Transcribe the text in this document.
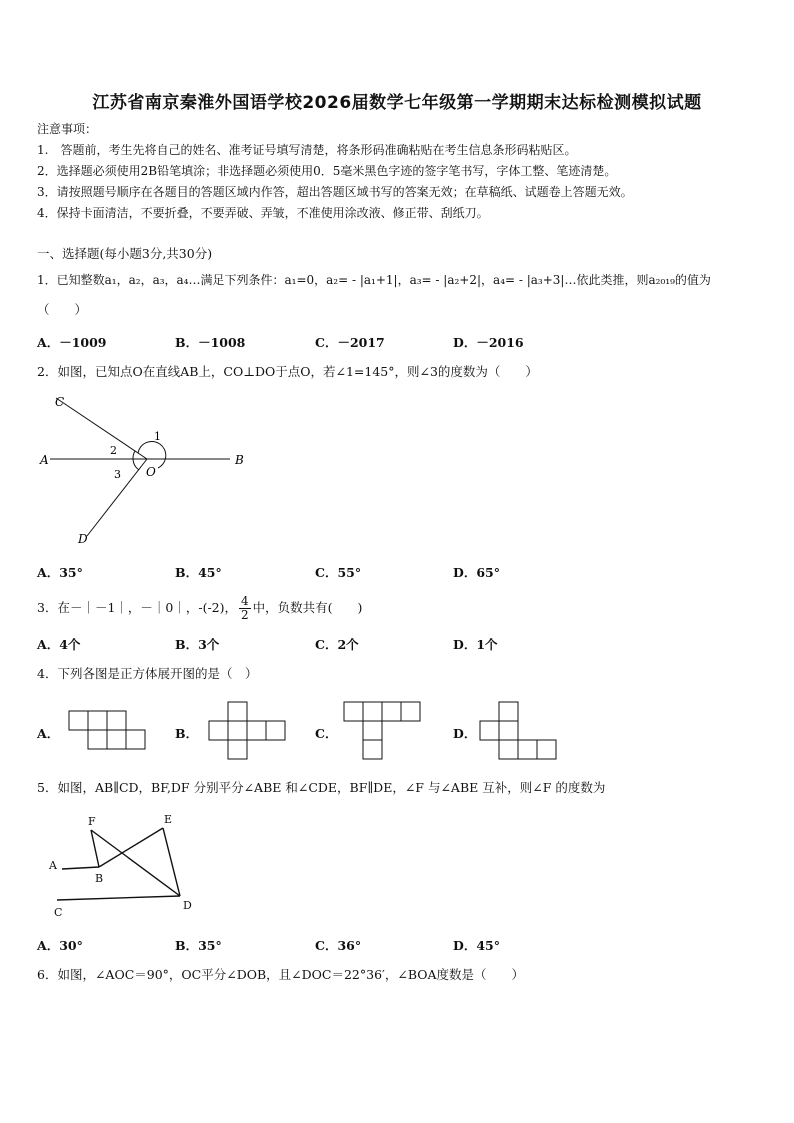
江苏省南京秦淮外国语学校2026届数学七年级第一学期期末达标检测模拟试题
注意事项：
1.　答题前，考生先将自己的姓名、准考证号填写清楚，将条形码准确粘贴在考生信息条形码粘贴区。
2．选择题必须使用2B铅笔填涂；非选择题必须使用0．5毫米黑色字迹的签字笔书写，字体工整、笔迹清楚。
3．请按照题号顺序在各题目的答题区域内作答，超出答题区域书写的答案无效；在草稿纸、试题卷上答题无效。
4．保持卡面清洁，不要折叠，不要弄破、弄皱，不准使用涂改液、修正带、刮纸刀。
一、选择题(每小题3分,共30分)
1．已知整数a₁，a₂，a₃，a₄…满足下列条件：a₁=0，a₂= - |a₁+1|，a₃= - |a₂+2|，a₄= - |a₃+3|…依此类推，则a₂₀₁₉的值为
（　　）
A．－1009	B．－1008	C．－2017	D．－2016
2．如图，已知点O在直线AB上，CO⊥DO于点O，若∠1=145°，则∠3的度数为（　　）
C
A	B
O
D
1
2
3
A．35°	B．45°	C．55°	D．65°
3．在－｜－1｜，－｜0｜，-(-2)， $\frac{4}{2}$ 中，负数共有(　　)
A．4个	B．3个	C．2个	D．1个
4．下列各图是正方体展开图的是（　）
A．	B．	C．	D．
5．如图，AB∥CD，BF,DF 分别平分∠ABE 和∠CDE，BF∥DE，∠F 与∠ABE 互补，则∠F 的度数为
F	E
A
B
C
D
A．30°	B．35°	C．36°	D．45°
6．如图，∠AOC＝90°，OC平分∠DOB，且∠DOC＝22°36′，∠BOA度数是（　　）
